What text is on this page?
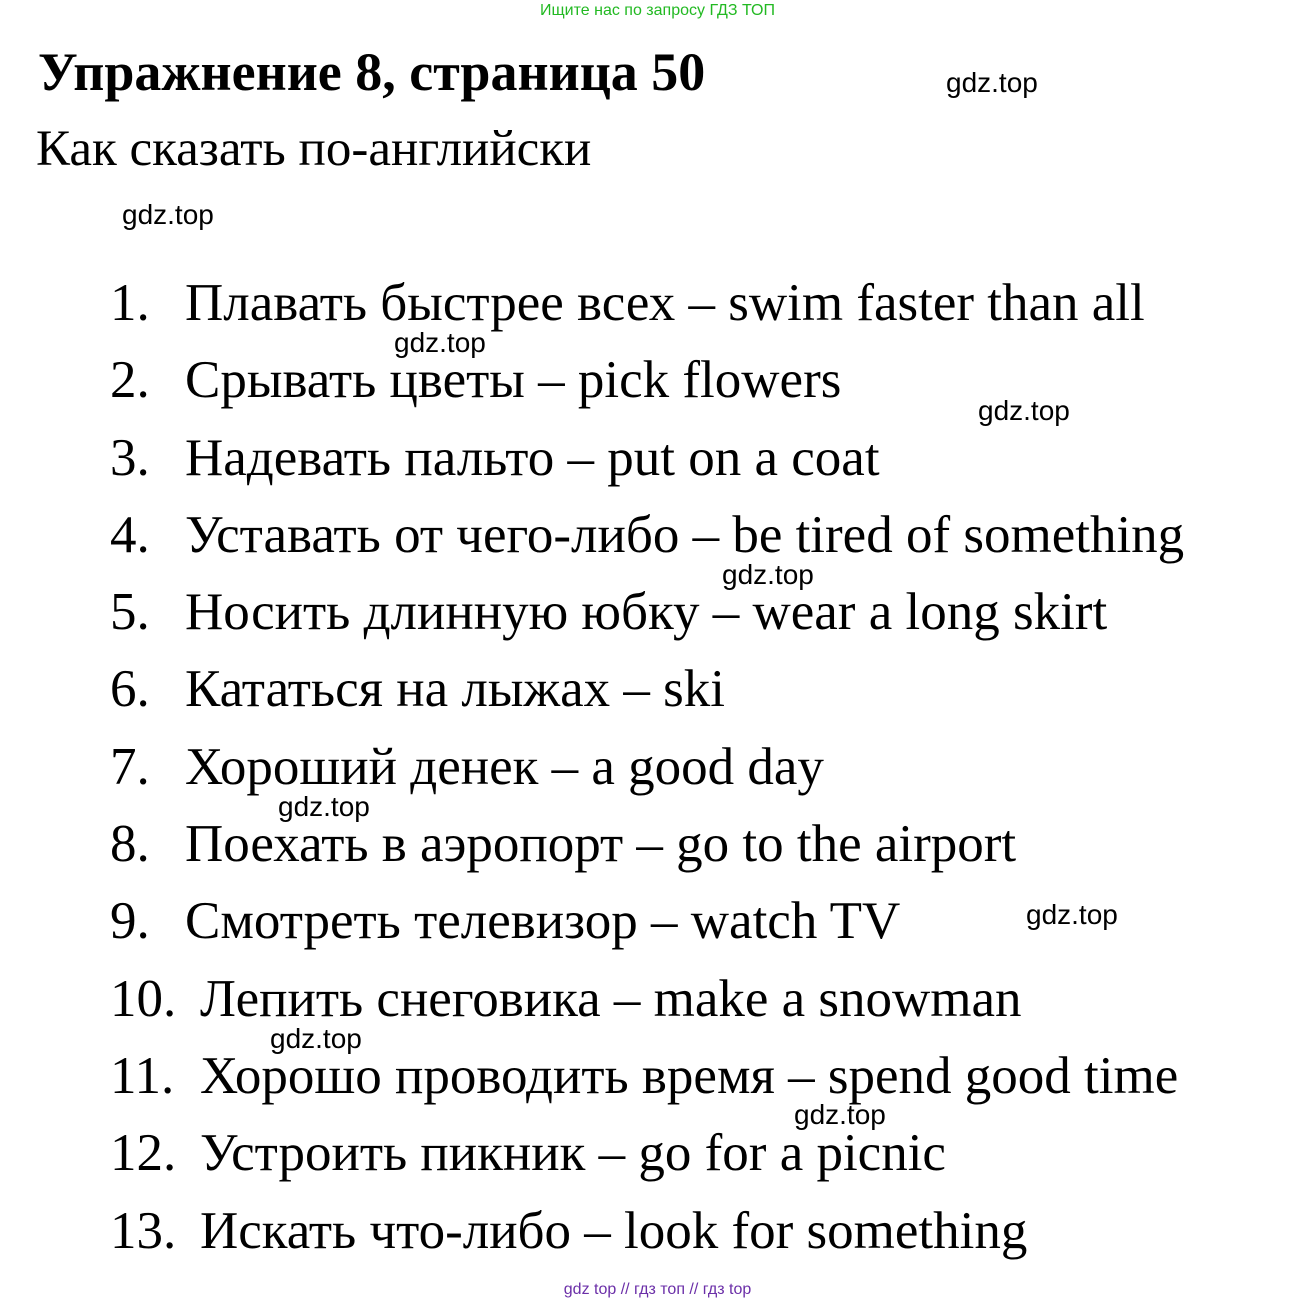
Ищите нас по запросу ГДЗ ТОП
Упражнение 8, страница 50
Как сказать по-английски
1. Плавать быстрее всех – swim faster than all
2. Срывать цветы – pick flowers
3. Надевать пальто – put on a coat
4. Уставать от чего-либо – be tired of something
5. Носить длинную юбку – wear a long skirt
6. Кататься на лыжах – ski
7. Хороший денек – a good day
8. Поехать в аэропорт – go to the airport
9. Смотреть телевизор – watch TV
10. Лепить снеговика – make a snowman
11. Хорошо проводить время – spend good time
12. Устроить пикник – go for a picnic
13. Искать что-либо – look for something
gdz.top
gdz.top
gdz.top
gdz.top
gdz.top
gdz.top
gdz.top
gdz.top
gdz.top
gdz top // гдз топ // гдз top
